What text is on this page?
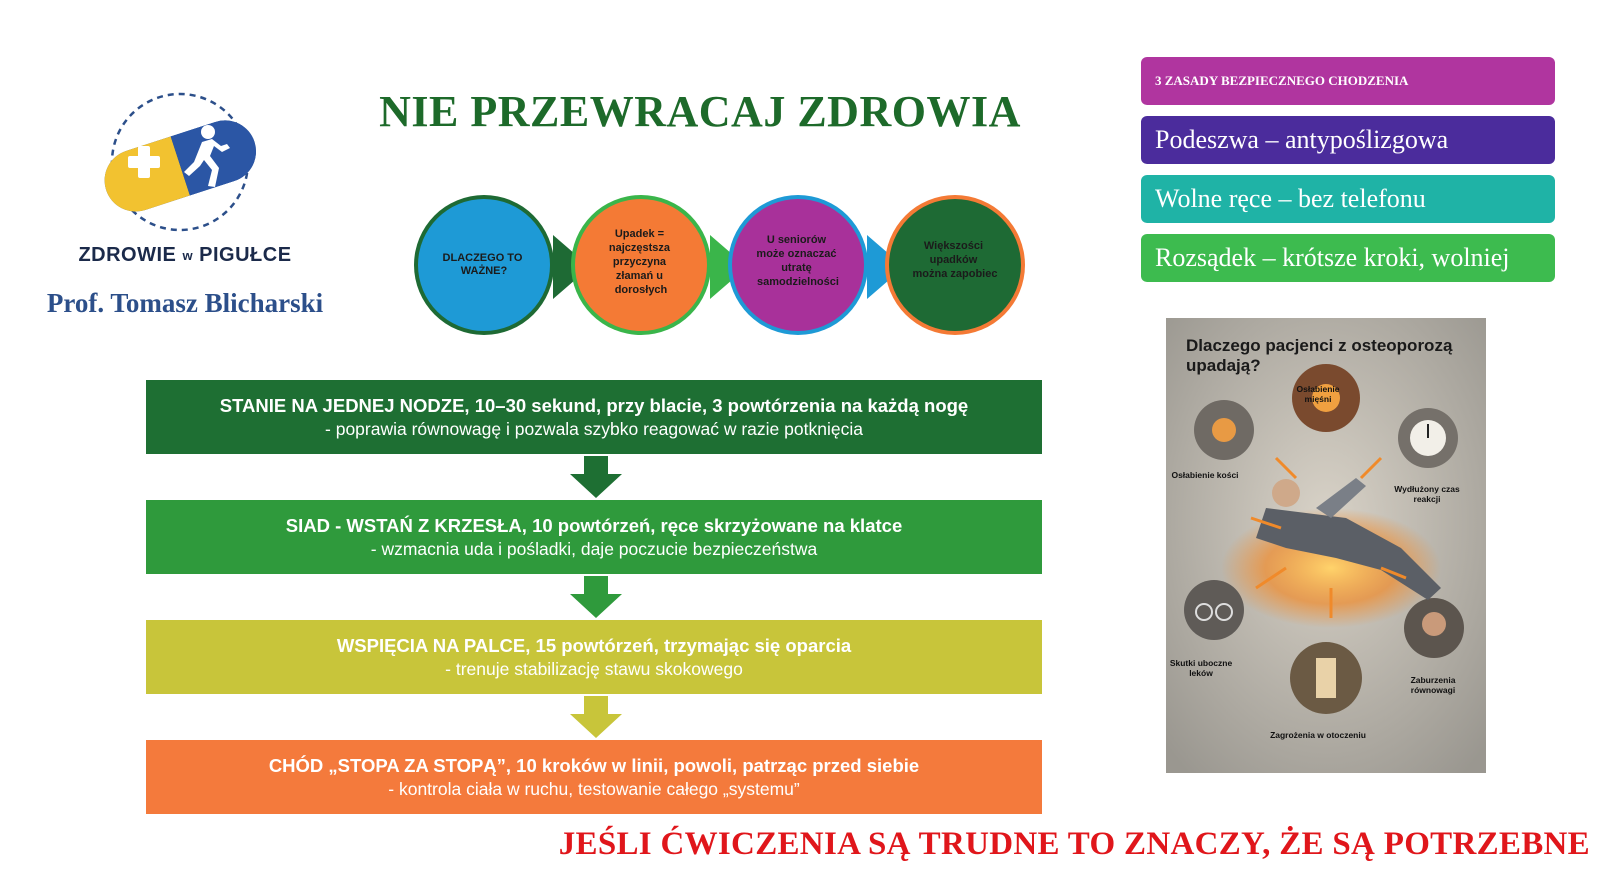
ZDROWIE w PIGUŁCE
Prof. Tomasz Blicharski
NIE PRZEWRACAJ ZDROWIA
DLACZEGO TO WAŻNE?
Upadek = najczęstsza przyczyna złamań u dorosłych
U seniorów może oznaczać utratę samodzielności
Większości upadków można zapobiec
STANIE NA JEDNEJ NODZE, 10–30 sekund, przy blacie, 3 powtórzenia na każdą nogę
- poprawia równowagę i pozwala szybko reagować w razie potknięcia
SIAD - WSTAŃ Z KRZESŁA, 10 powtórzeń, ręce skrzyżowane na klatce
- wzmacnia uda i pośladki, daje poczucie bezpieczeństwa
WSPIĘCIA NA PALCE, 15 powtórzeń, trzymając się oparcia
- trenuje stabilizację stawu skokowego
CHÓD „STOPA ZA STOPĄ”, 10 kroków w linii, powoli, patrząc przed siebie
- kontrola ciała w ruchu, testowanie całego „systemu”
3 ZASADY BEZPIECZNEGO CHODZENIA
Podeszwa – antypoślizgowa
Wolne ręce – bez telefonu
Rozsądek – krótsze kroki, wolniej
Dlaczego pacjenci z osteoporozą upadają?
Osłabienie mięśni
Osłabienie kości
Wydłużony czas reakcji
Skutki uboczne leków
Zaburzenia równowagi
Zagrożenia w otoczeniu
JEŚLI ĆWICZENIA SĄ TRUDNE TO ZNACZY, ŻE SĄ POTRZEBNE
